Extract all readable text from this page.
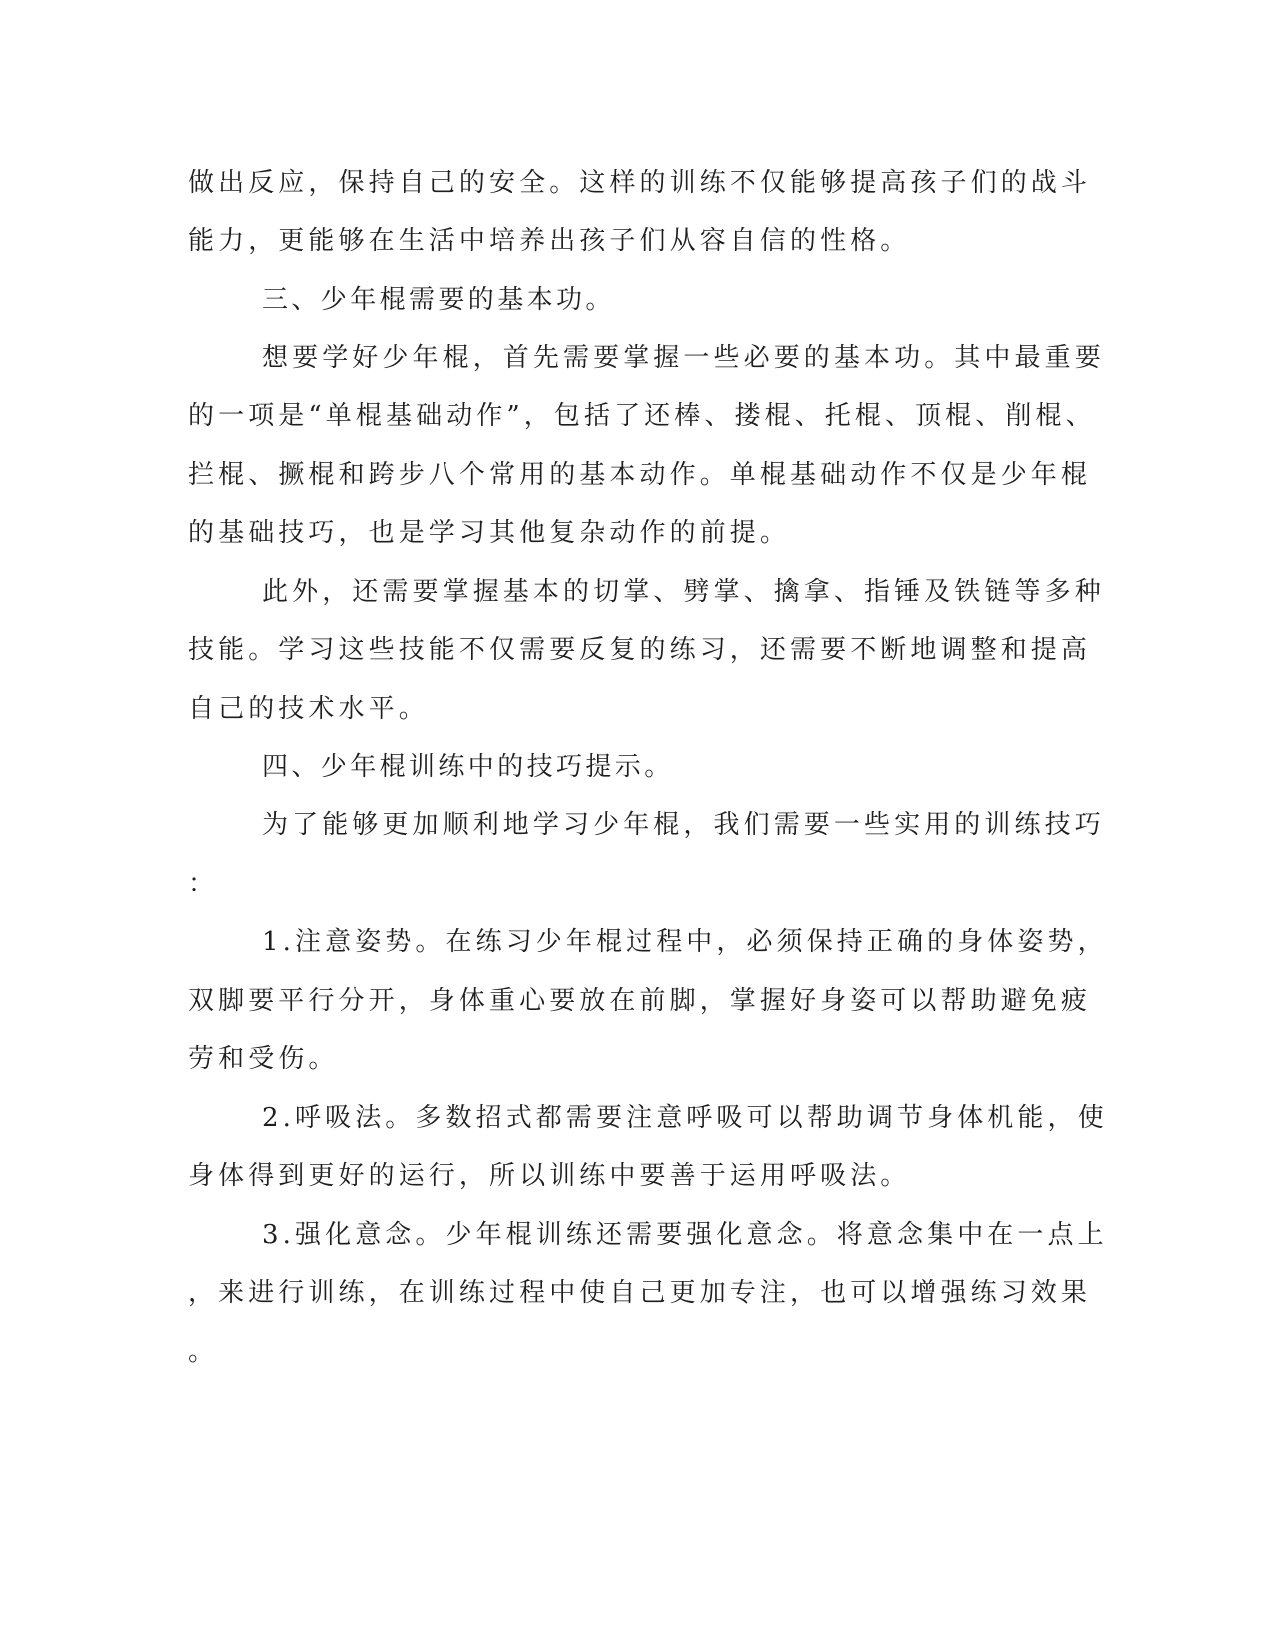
做出反应，保持自己的安全。这样的训练不仅能够提高孩子们的战斗
能力，更能够在生活中培养出孩子们从容自信的性格。
三、少年棍需要的基本功。
想要学好少年棍，首先需要掌握一些必要的基本功。其中最重要
的一项是“单棍基础动作”，包括了还棒、搂棍、托棍、顶棍、削棍、
拦棍、撅棍和跨步八个常用的基本动作。单棍基础动作不仅是少年棍
的基础技巧，也是学习其他复杂动作的前提。
此外，还需要掌握基本的切掌、劈掌、擒拿、指锤及铁链等多种
技能。学习这些技能不仅需要反复的练习，还需要不断地调整和提高
自己的技术水平。
四、少年棍训练中的技巧提示。
为了能够更加顺利地学习少年棍，我们需要一些实用的训练技巧
：
1.注意姿势。在练习少年棍过程中，必须保持正确的身体姿势，
双脚要平行分开，身体重心要放在前脚，掌握好身姿可以帮助避免疲
劳和受伤。
2.呼吸法。多数招式都需要注意呼吸可以帮助调节身体机能，使
身体得到更好的运行，所以训练中要善于运用呼吸法。
3.强化意念。少年棍训练还需要强化意念。将意念集中在一点上
，来进行训练，在训练过程中使自己更加专注，也可以增强练习效果
。
